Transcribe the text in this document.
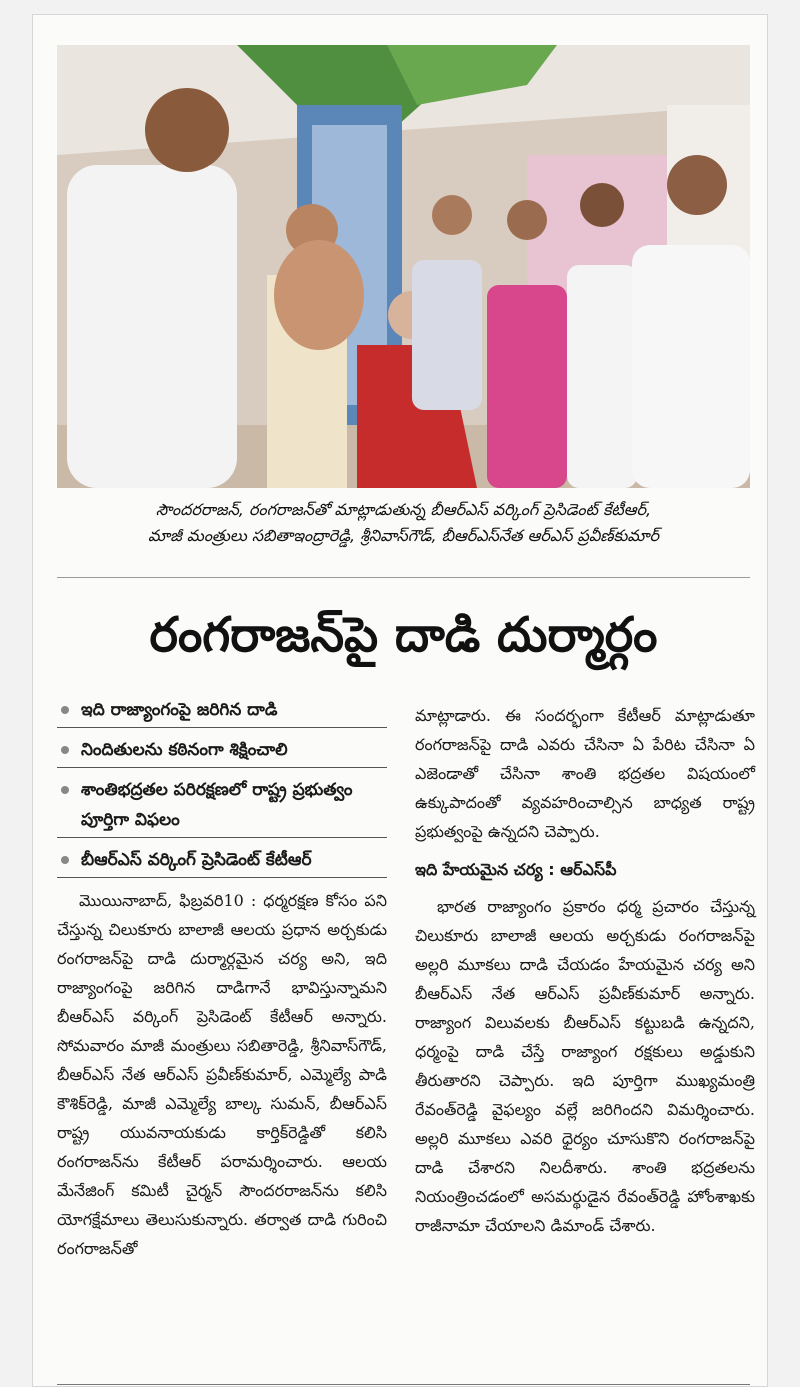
సౌందరరాజన్, రంగరాజన్‌తో మాట్లాడుతున్న బీఆర్ఎస్ వర్కింగ్ ప్రెసిడెంట్ కేటీఆర్,
మాజీ మంత్రులు సబితాఇంద్రారెడ్డి, శ్రీనివాస్‌గౌడ్, బీఆర్ఎస్‌నేత ఆర్ఎస్ ప్రవీణ్‌కుమార్
రంగరాజన్‌పై దాడి దుర్మార్గం
ఇది రాజ్యాంగంపై జరిగిన దాడి
నిందితులను కఠినంగా శిక్షించాలి
శాంతిభద్రతల పరిరక్షణలో రాష్ట్ర ప్రభుత్వం పూర్తిగా విఫలం
బీఆర్ఎస్ వర్కింగ్ ప్రెసిడెంట్ కేటీఆర్

మొయినాబాద్, ఫిబ్రవరి10 : ధర్మరక్షణ కోసం పని చేస్తున్న చిలుకూరు బాలాజీ ఆలయ ప్రధాన అర్చకుడు రంగరాజన్‌పై దాడి దుర్మార్గమైన చర్య అని, ఇది రాజ్యాంగంపై జరిగిన దాడిగానే భావిస్తున్నామని బీఆర్ఎస్ వర్కింగ్ ప్రెసిడెంట్ కేటీఆర్ అన్నారు. సోమవారం మాజీ మంత్రులు సబితారెడ్డి, శ్రీనివాస్‌గౌడ్, బీఆర్ఎస్ నేత ఆర్ఎస్ ప్రవీణ్‌కుమార్, ఎమ్మెల్యే పాడి కౌశిక్‌రెడ్డి, మాజీ ఎమ్మెల్యే బాల్క సుమన్, బీఆర్ఎస్ రాష్ట్ర యువనాయకుడు కార్తిక్‌రెడ్డితో కలిసి రంగరాజన్‌ను కేటీఆర్ పరామర్శించారు. ఆలయ మేనేజింగ్ కమిటీ చైర్మన్ సౌందరరాజన్‌ను కలిసి యోగక్షేమాలు తెలుసుకున్నారు. తర్వాత దాడి గురించి రంగరాజన్‌తో

మాట్లాడారు. ఈ సందర్భంగా కేటీఆర్ మాట్లాడుతూ రంగరాజన్‌పై దాడి ఎవరు చేసినా ఏ పేరిట చేసినా ఏ ఎజెండాతో చేసినా శాంతి భద్రతల విషయంలో ఉక్కుపాదంతో వ్యవహరించాల్సిన బాధ్యత రాష్ట్ర ప్రభుత్వంపై ఉన్నదని చెప్పారు.

ఇది హేయమైన చర్య : ఆర్ఎస్‌పీ

భారత రాజ్యాంగం ప్రకారం ధర్మ ప్రచారం చేస్తున్న చిలుకూరు బాలాజీ ఆలయ అర్చకుడు రంగరాజన్‌పై అల్లరి మూకలు దాడి చేయడం హేయమైన చర్య అని బీఆర్ఎస్ నేత ఆర్ఎస్ ప్రవీణ్‌కుమార్ అన్నారు. రాజ్యాంగ విలువలకు బీఆర్ఎస్ కట్టుబడి ఉన్నదని, ధర్మంపై దాడి చేస్తే రాజ్యాంగ రక్షకులు అడ్డుకుని తీరుతారని చెప్పారు. ఇది పూర్తిగా ముఖ్యమంత్రి రేవంత్‌రెడ్డి వైఫల్యం వల్లే జరిగిందని విమర్శించారు. అల్లరి మూకలు ఎవరి ధైర్యం చూసుకొని రంగరాజన్‌పై దాడి చేశారని నిలదీశారు. శాంతి భద్రతలను నియంత్రించడంలో అసమర్థుడైన రేవంత్‌రెడ్డి హోంశాఖకు రాజీనామా చేయాలని డిమాండ్ చేశారు.
